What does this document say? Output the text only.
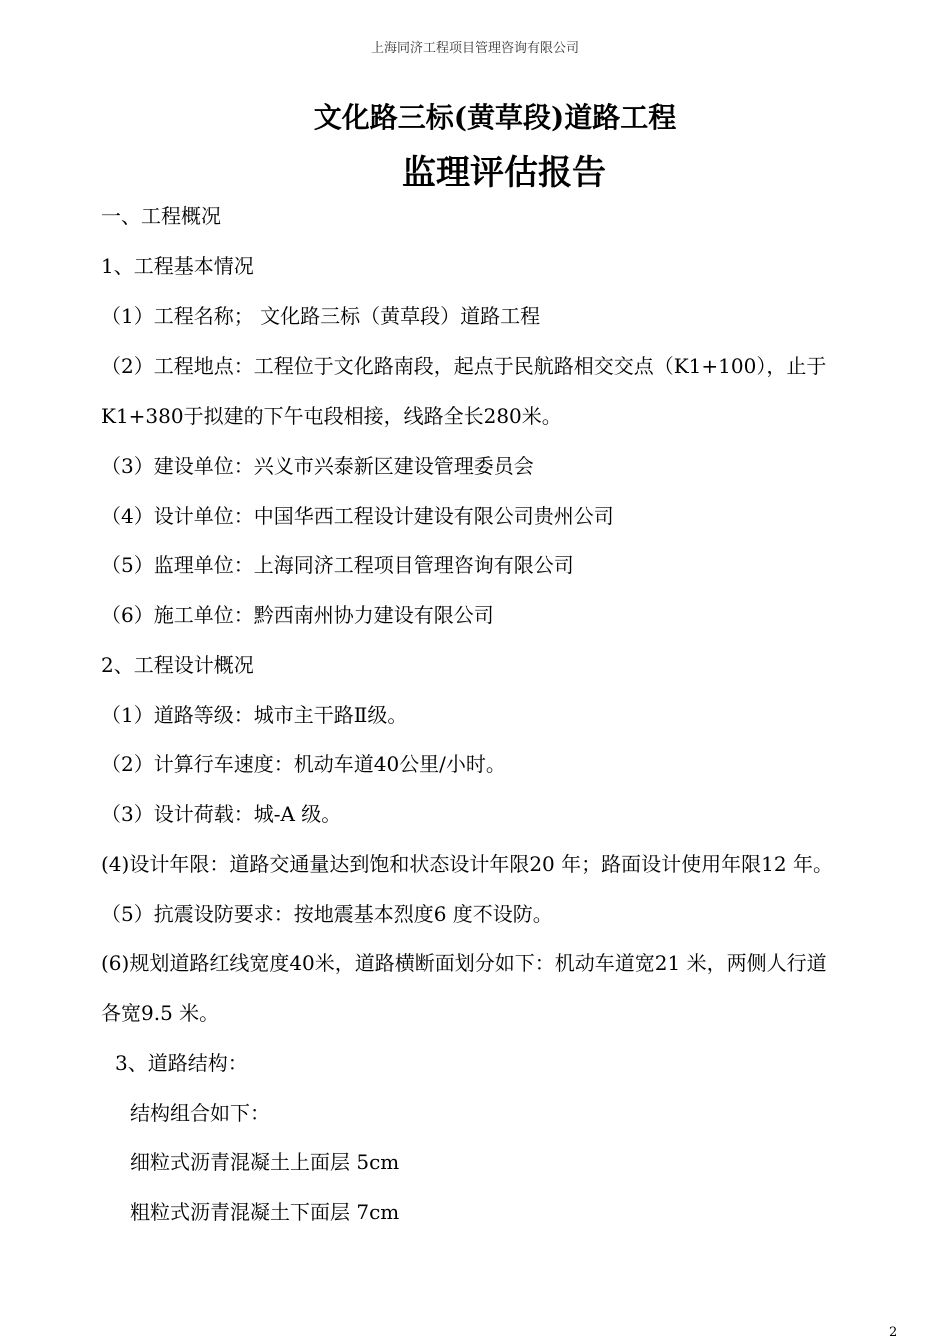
上海同济工程项目管理咨询有限公司
文化路三标(黄草段)道路工程
监理评估报告
一、工程概况
1、工程基本情况
（1）工程名称； 文化路三标（黄草段）道路工程
（2）工程地点：工程位于文化路南段，起点于民航路相交交点（K1+100），止于
K1+380于拟建的下午屯段相接，线路全长280米。
（3）建设单位：兴义市兴泰新区建设管理委员会
（4）设计单位：中国华西工程设计建设有限公司贵州公司
（5）监理单位：上海同济工程项目管理咨询有限公司
（6）施工单位：黔西南州协力建设有限公司
2、工程设计概况
（1）道路等级：城市主干路Ⅱ级。
（2）计算行车速度：机动车道40公里/小时。
（3）设计荷载：城-A 级。
(4)设计年限：道路交通量达到饱和状态设计年限20 年；路面设计使用年限12 年。
（5）抗震设防要求：按地震基本烈度6 度不设防。
(6)规划道路红线宽度40米，道路横断面划分如下：机动车道宽21 米，两侧人行道
各宽9.5 米。
3、道路结构：
结构组合如下：
细粒式沥青混凝土上面层 5cm
粗粒式沥青混凝土下面层 7cm
2
